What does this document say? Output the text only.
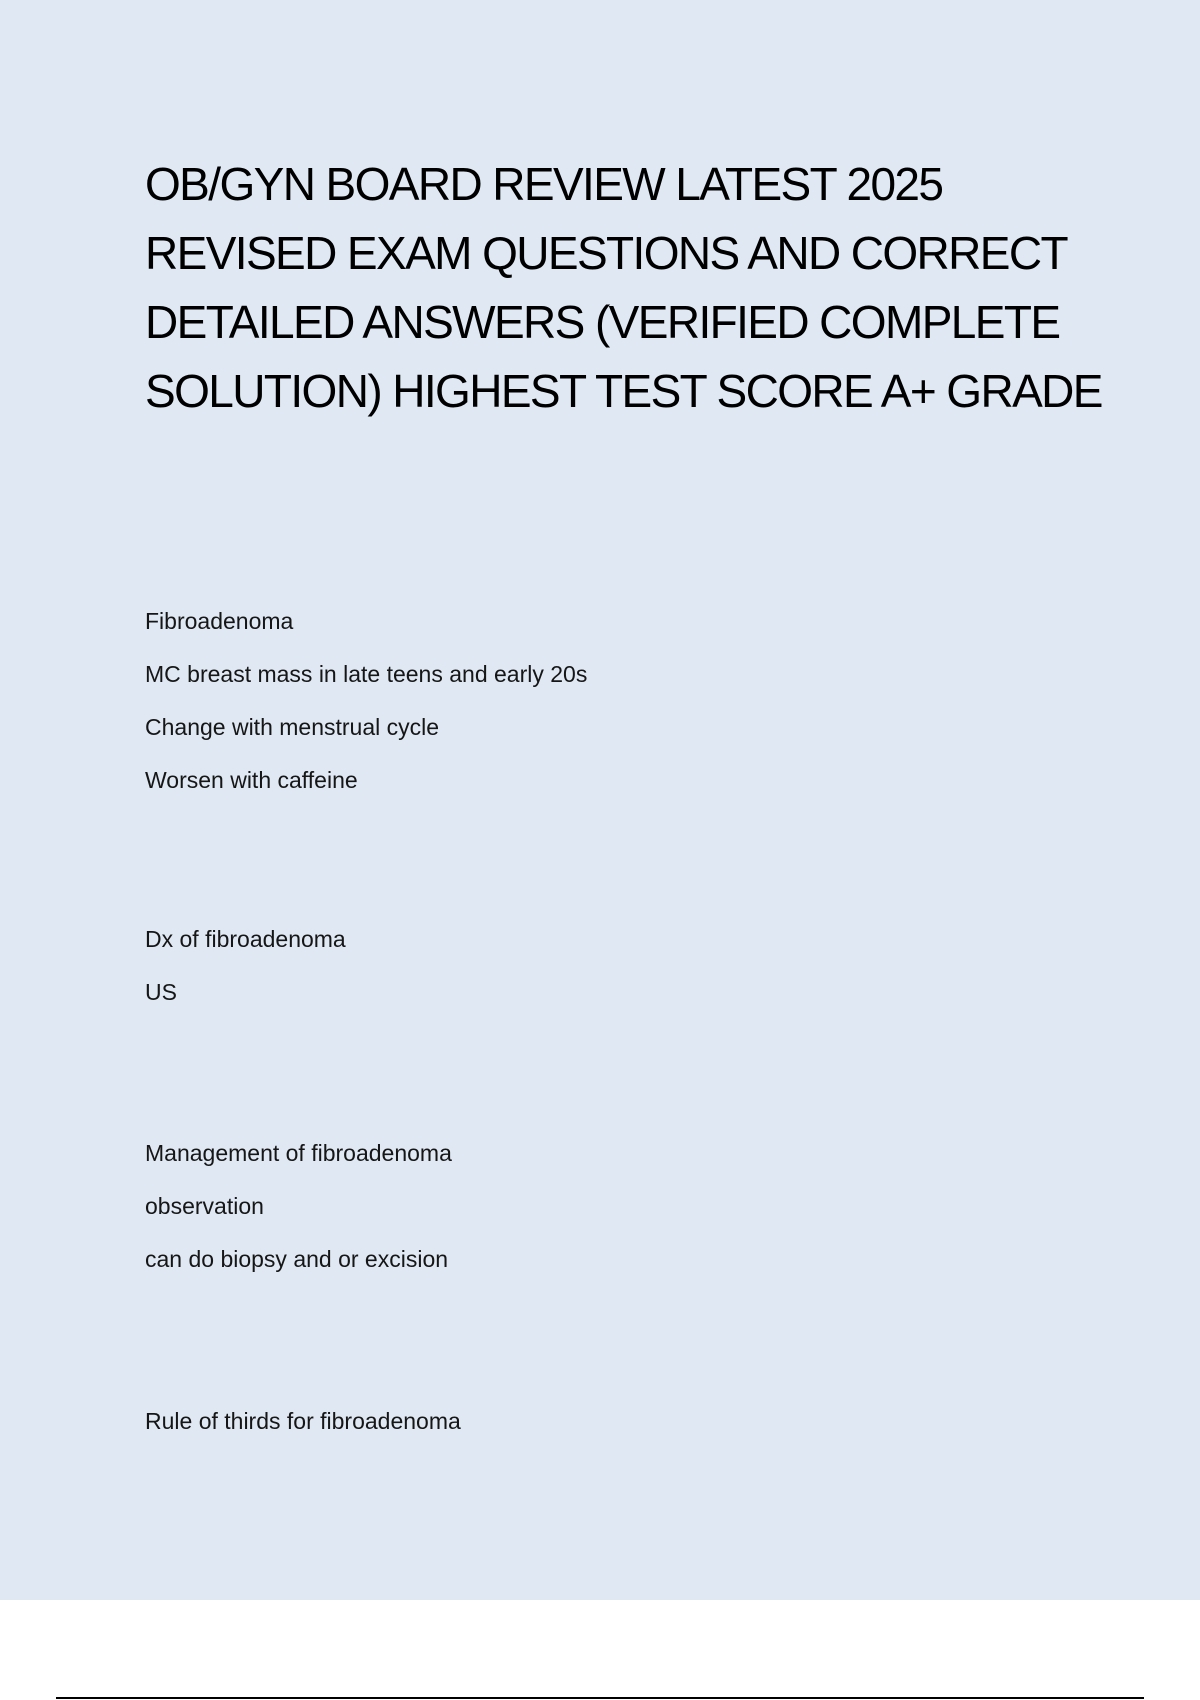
OB/GYN BOARD REVIEW LATEST 2025
REVISED EXAM QUESTIONS AND CORRECT
DETAILED ANSWERS (VERIFIED COMPLETE
SOLUTION) HIGHEST TEST SCORE A+ GRADE
Fibroadenoma
MC breast mass in late teens and early 20s
Change with menstrual cycle
Worsen with caffeine
Dx of fibroadenoma
US
Management of fibroadenoma
observation
can do biopsy and or excision
Rule of thirds for fibroadenoma
